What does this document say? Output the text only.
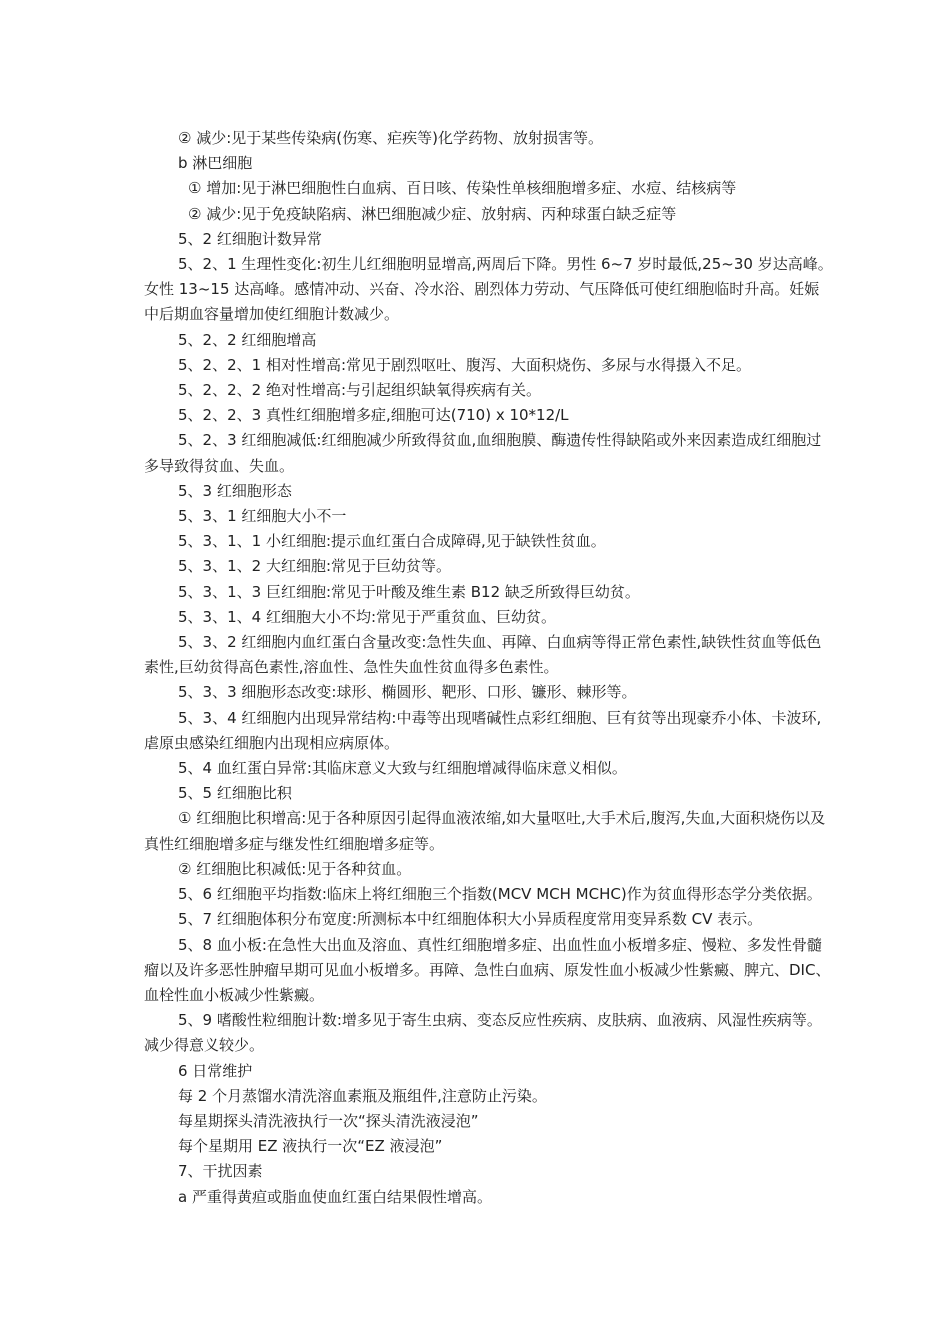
② 减少:见于某些传染病(伤寒、疟疾等)化学药物、放射损害等。

b 淋巴细胞

① 增加:见于淋巴细胞性白血病、百日咳、传染性单核细胞增多症、水痘、结核病等

② 减少:见于免疫缺陷病、淋巴细胞减少症、放射病、丙种球蛋白缺乏症等

5、2 红细胞计数异常

5、2、1 生理性变化:初生儿红细胞明显增高,两周后下降。男性 6~7 岁时最低,25~30 岁达高峰。女性 13~15 达高峰。感情冲动、兴奋、冷水浴、剧烈体力劳动、气压降低可使红细胞临时升高。妊娠中后期血容量增加使红细胞计数减少。

5、2、2 红细胞增高

5、2、2、1 相对性增高:常见于剧烈呕吐、腹泻、大面积烧伤、多尿与水得摄入不足。

5、2、2、2 绝对性增高:与引起组织缺氧得疾病有关。

5、2、2、3 真性红细胞增多症,细胞可达(710) x 10*12/L

5、2、3 红细胞减低:红细胞减少所致得贫血,血细胞膜、酶遗传性得缺陷或外来因素造成红细胞过多导致得贫血、失血。

5、3 红细胞形态

5、3、1 红细胞大小不一

5、3、1、1 小红细胞:提示血红蛋白合成障碍,见于缺铁性贫血。

5、3、1、2 大红细胞:常见于巨幼贫等。

5、3、1、3 巨红细胞:常见于叶酸及维生素 B12 缺乏所致得巨幼贫。

5、3、1、4 红细胞大小不均:常见于严重贫血、巨幼贫。

5、3、2 红细胞内血红蛋白含量改变:急性失血、再障、白血病等得正常色素性,缺铁性贫血等低色素性,巨幼贫得高色素性,溶血性、急性失血性贫血得多色素性。

5、3、3 细胞形态改变:球形、椭圆形、靶形、口形、镰形、棘形等。

5、3、4 红细胞内出现异常结构:中毒等出现嗜碱性点彩红细胞、巨有贫等出现豪乔小体、卡波环,虐原虫感染红细胞内出现相应病原体。

5、4 血红蛋白异常:其临床意义大致与红细胞增减得临床意义相似。

5、5 红细胞比积

① 红细胞比积增高:见于各种原因引起得血液浓缩,如大量呕吐,大手术后,腹泻,失血,大面积烧伤以及真性红细胞增多症与继发性红细胞增多症等。

② 红细胞比积减低:见于各种贫血。

5、6 红细胞平均指数:临床上将红细胞三个指数(MCV MCH MCHC)作为贫血得形态学分类依据。

5、7 红细胞体积分布宽度:所测标本中红细胞体积大小异质程度常用变异系数 CV 表示。

5、8 血小板:在急性大出血及溶血、真性红细胞增多症、出血性血小板增多症、慢粒、多发性骨髓瘤以及许多恶性肿瘤早期可见血小板增多。再障、急性白血病、原发性血小板减少性紫癜、脾亢、DIC、血栓性血小板减少性紫癜。

5、9 嗜酸性粒细胞计数:增多见于寄生虫病、变态反应性疾病、皮肤病、血液病、风湿性疾病等。减少得意义较少。

6 日常维护

每 2 个月蒸馏水清洗溶血素瓶及瓶组件,注意防止污染。

每星期探头清洗液执行一次“探头清洗液浸泡”

每个星期用 EZ 液执行一次“EZ 液浸泡”

7、干扰因素

a 严重得黄疸或脂血使血红蛋白结果假性增高。
